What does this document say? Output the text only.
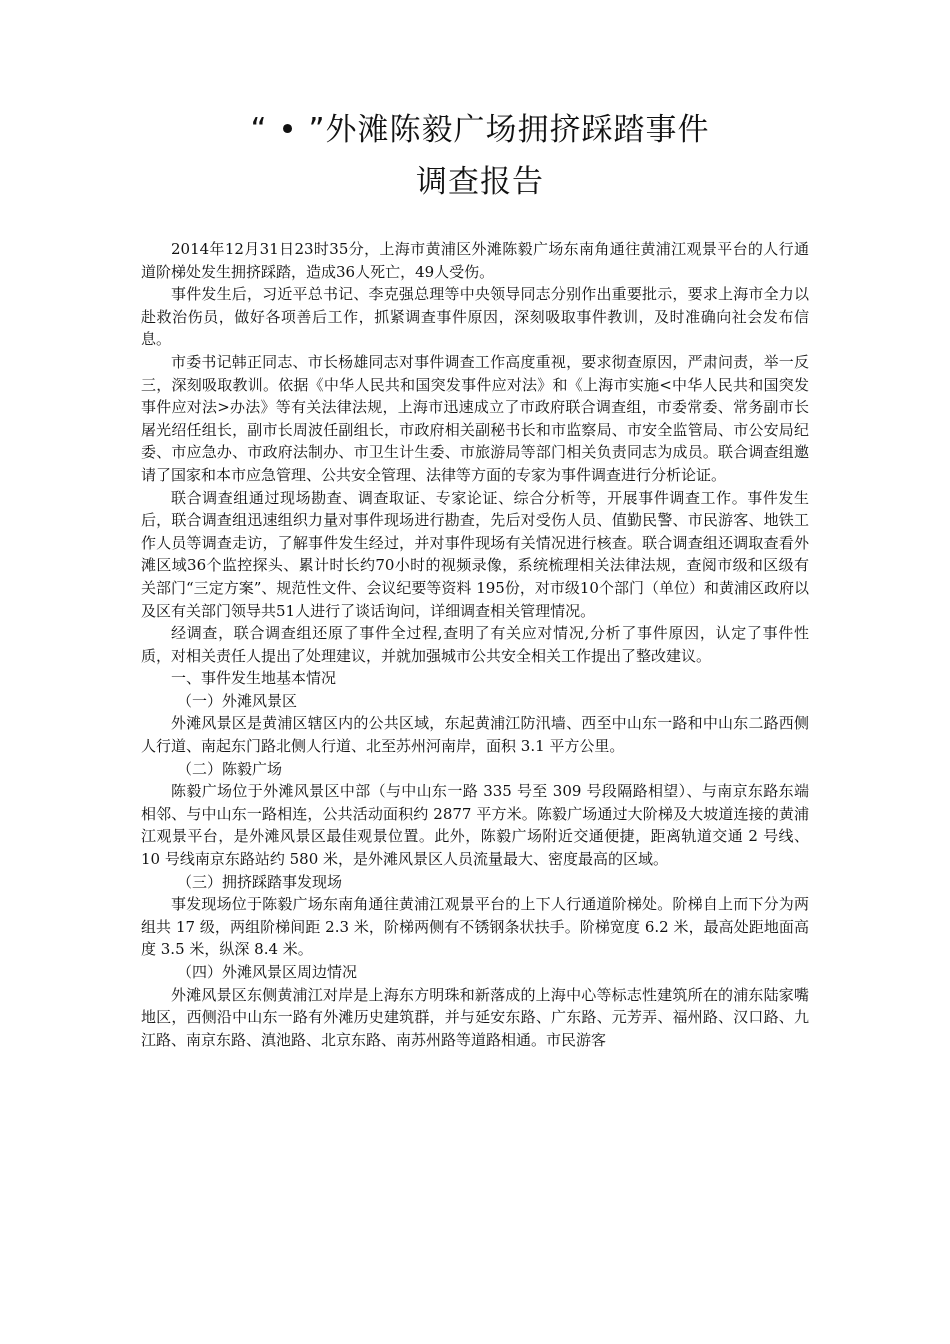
“ • ”外滩陈毅广场拥挤踩踏事件
调查报告

2014年12月31日23时35分，上海市黄浦区外滩陈毅广场东南角通往黄浦江观景平台的人行通道阶梯处发生拥挤踩踏，造成36人死亡，49人受伤。

事件发生后，习近平总书记、李克强总理等中央领导同志分别作出重要批示，要求上海市全力以赴救治伤员，做好各项善后工作，抓紧调查事件原因，深刻吸取事件教训，及时准确向社会发布信息。

市委书记韩正同志、市长杨雄同志对事件调查工作高度重视，要求彻查原因，严肃问责，举一反三，深刻吸取教训。依据《中华人民共和国突发事件应对法》和《上海市实施<中华人民共和国突发事件应对法>办法》等有关法律法规，上海市迅速成立了市政府联合调查组，市委常委、常务副市长屠光绍任组长，副市长周波任副组长，市政府相关副秘书长和市监察局、市安全监管局、市公安局纪委、市应急办、市政府法制办、市卫生计生委、市旅游局等部门相关负责同志为成员。联合调查组邀请了国家和本市应急管理、公共安全管理、法律等方面的专家为事件调查进行分析论证。

联合调查组通过现场勘查、调查取证、专家论证、综合分析等，开展事件调查工作。事件发生后，联合调查组迅速组织力量对事件现场进行勘查，先后对受伤人员、值勤民警、市民游客、地铁工作人员等调查走访，了解事件发生经过，并对事件现场有关情况进行核查。联合调查组还调取查看外滩区域36个监控探头、累计时长约70小时的视频录像，系统梳理相关法律法规，查阅市级和区级有关部门“三定方案”、规范性文件、会议纪要等资料 195份，对市级10个部门（单位）和黄浦区政府以及区有关部门领导共51人进行了谈话询问，详细调查相关管理情况。

经调查，联合调查组还原了事件全过程,查明了有关应对情况,分析了事件原因，认定了事件性质，对相关责任人提出了处理建议，并就加强城市公共安全相关工作提出了整改建议。

一、事件发生地基本情况

（一）外滩风景区

外滩风景区是黄浦区辖区内的公共区域，东起黄浦江防汛墙、西至中山东一路和中山东二路西侧人行道、南起东门路北侧人行道、北至苏州河南岸，面积 3.1 平方公里。

（二）陈毅广场

陈毅广场位于外滩风景区中部（与中山东一路 335 号至 309 号段隔路相望）、与南京东路东端相邻、与中山东一路相连，公共活动面积约 2877 平方米。陈毅广场通过大阶梯及大坡道连接的黄浦江观景平台，是外滩风景区最佳观景位置。此外，陈毅广场附近交通便捷，距离轨道交通 2 号线、10 号线南京东路站约 580 米，是外滩风景区人员流量最大、密度最高的区域。

（三）拥挤踩踏事发现场

事发现场位于陈毅广场东南角通往黄浦江观景平台的上下人行通道阶梯处。阶梯自上而下分为两组共 17 级，两组阶梯间距 2.3 米，阶梯两侧有不锈钢条状扶手。阶梯宽度 6.2 米，最高处距地面高度 3.5 米，纵深 8.4 米。

（四）外滩风景区周边情况

外滩风景区东侧黄浦江对岸是上海东方明珠和新落成的上海中心等标志性建筑所在的浦东陆家嘴地区，西侧沿中山东一路有外滩历史建筑群，并与延安东路、广东路、元芳弄、福州路、汉口路、九江路、南京东路、滇池路、北京东路、南苏州路等道路相通。市民游客
